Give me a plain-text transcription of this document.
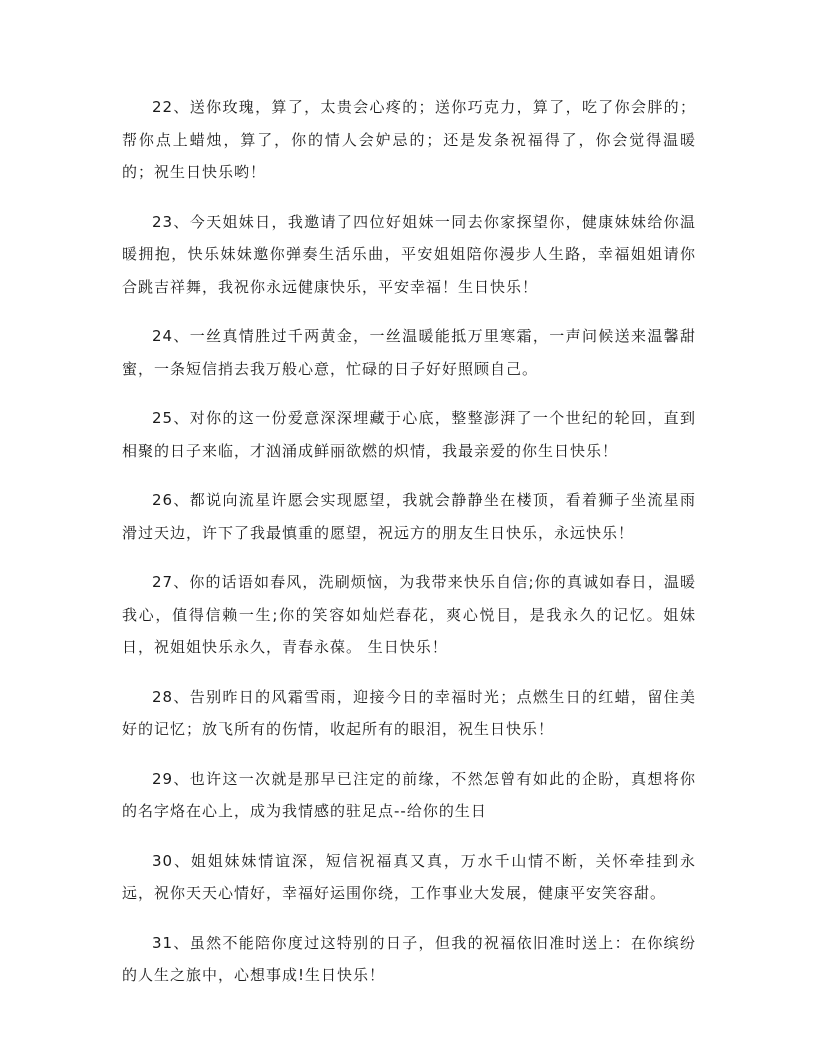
22、送你玫瑰，算了，太贵会心疼的；送你巧克力，算了，吃了你会胖的；帮你点上蜡烛，算了，你的情人会妒忌的；还是发条祝福得了，你会觉得温暖的；祝生日快乐哟！

23、今天姐妹日，我邀请了四位好姐妹一同去你家探望你，健康妹妹给你温暖拥抱，快乐妹妹邀你弹奏生活乐曲，平安姐姐陪你漫步人生路，幸福姐姐请你合跳吉祥舞，我祝你永远健康快乐，平安幸福！生日快乐！

24、一丝真情胜过千两黄金，一丝温暖能抵万里寒霜，一声问候送来温馨甜蜜，一条短信捎去我万般心意，忙碌的日子好好照顾自己。

25、对你的这一份爱意深深埋藏于心底，整整澎湃了一个世纪的轮回，直到相聚的日子来临，才汹涌成鲜丽欲燃的炽情，我最亲爱的你生日快乐！

26、都说向流星许愿会实现愿望，我就会静静坐在楼顶，看着狮子坐流星雨滑过天边，许下了我最慎重的愿望，祝远方的朋友生日快乐，永远快乐！

27、你的话语如春风，洗刷烦恼，为我带来快乐自信;你的真诚如春日，温暖我心，值得信赖一生;你的笑容如灿烂春花，爽心悦目，是我永久的记忆。姐妹日，祝姐姐快乐永久，青春永葆。 生日快乐！

28、告别昨日的风霜雪雨，迎接今日的幸福时光；点燃生日的红蜡，留住美好的记忆；放飞所有的伤情，收起所有的眼泪，祝生日快乐！

29、也许这一次就是那早已注定的前缘，不然怎曾有如此的企盼，真想将你的名字烙在心上，成为我情感的驻足点--给你的生日

30、姐姐妹妹情谊深，短信祝福真又真，万水千山情不断，关怀牵挂到永远，祝你天天心情好，幸福好运围你绕，工作事业大发展，健康平安笑容甜。

31、虽然不能陪你度过这特别的日子，但我的祝福依旧准时送上：在你缤纷的人生之旅中，心想事成!生日快乐！
